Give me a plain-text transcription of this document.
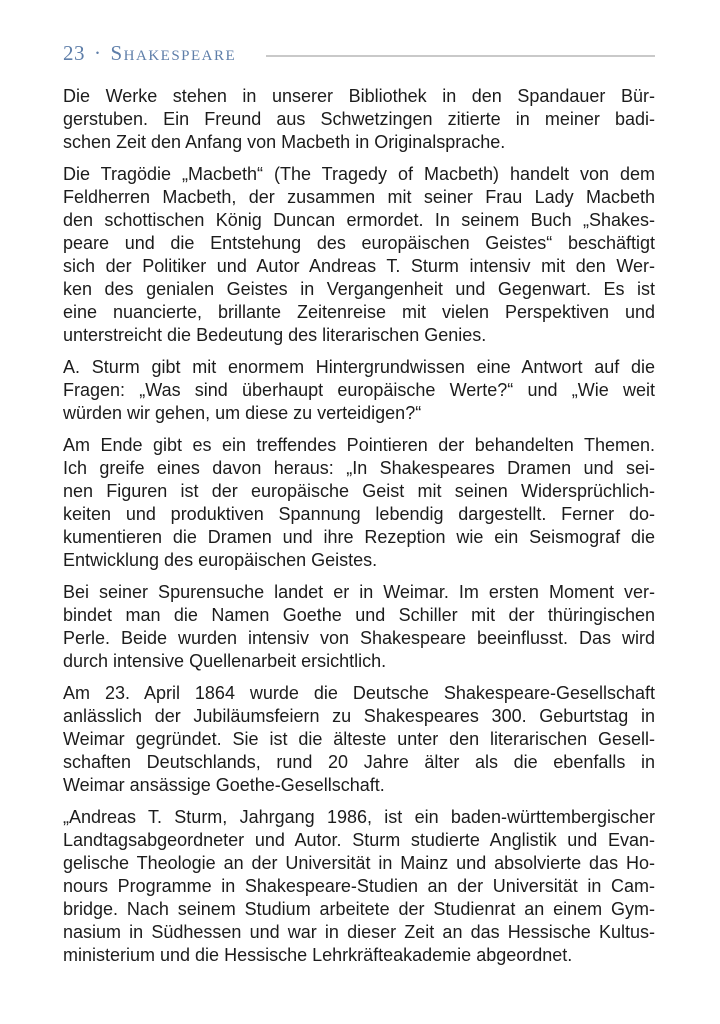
23 · Shakespeare
Die Werke stehen in unserer Bibliothek in den Spandauer Bür-
gerstuben. Ein Freund aus Schwetzingen zitierte in meiner badi-
schen Zeit den Anfang von Macbeth in Originalsprache.
Die Tragödie „Macbeth“ (The Tragedy of Macbeth) handelt von dem
Feldherren Macbeth, der zusammen mit seiner Frau Lady Macbeth
den schottischen König Duncan ermordet. In seinem Buch „Shakes-
peare und die Entstehung des europäischen Geistes“ beschäftigt
sich der Politiker und Autor Andreas T. Sturm intensiv mit den Wer-
ken des genialen Geistes in Vergangenheit und Gegenwart. Es ist
eine nuancierte, brillante Zeitenreise mit vielen Perspektiven und
unterstreicht die Bedeutung des literarischen Genies.
A. Sturm gibt mit enormem Hintergrundwissen eine Antwort auf die
Fragen: „Was sind überhaupt europäische Werte?“ und „Wie weit
würden wir gehen, um diese zu verteidigen?“
Am Ende gibt es ein treffendes Pointieren der behandelten Themen.
Ich greife eines davon heraus: „In Shakespeares Dramen und sei-
nen Figuren ist der europäische Geist mit seinen Widersprüchlich-
keiten und produktiven Spannung lebendig dargestellt. Ferner do-
kumentieren die Dramen und ihre Rezeption wie ein Seismograf die
Entwicklung des europäischen Geistes.
Bei seiner Spurensuche landet er in Weimar. Im ersten Moment ver-
bindet man die Namen Goethe und Schiller mit der thüringischen
Perle. Beide wurden intensiv von Shakespeare beeinflusst. Das wird
durch intensive Quellenarbeit ersichtlich.
Am 23. April 1864 wurde die Deutsche Shakespeare-Gesellschaft
anlässlich der Jubiläumsfeiern zu Shakespeares 300. Geburtstag in
Weimar gegründet. Sie ist die älteste unter den literarischen Gesell-
schaften Deutschlands, rund 20 Jahre älter als die ebenfalls in
Weimar ansässige Goethe-Gesellschaft.
„Andreas T. Sturm, Jahrgang 1986, ist ein baden-württembergischer
Landtagsabgeordneter und Autor. Sturm studierte Anglistik und Evan-
gelische Theologie an der Universität in Mainz und absolvierte das Ho-
nours Programme in Shakespeare-Studien an der Universität in Cam-
bridge. Nach seinem Studium arbeitete der Studienrat an einem Gym-
nasium in Südhessen und war in dieser Zeit an das Hessische Kultus-
ministerium und die Hessische Lehrkräfteakademie abgeordnet.
